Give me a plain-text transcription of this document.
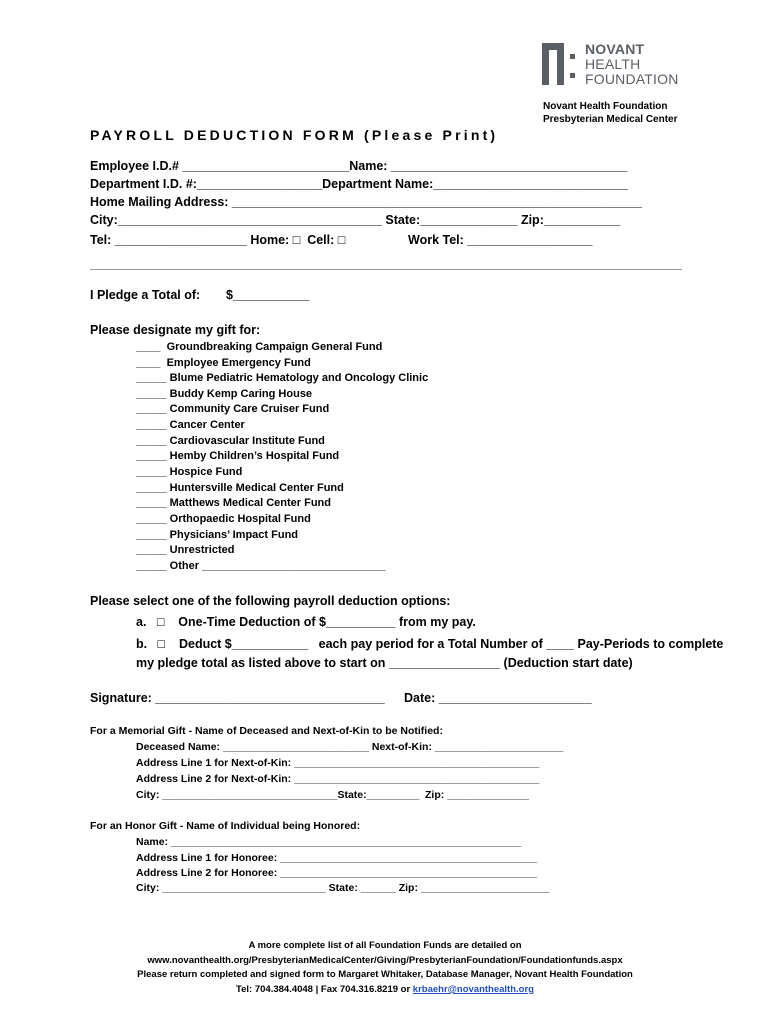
NOVANT
HEALTH
FOUNDATION
Novant Health Foundation
Presbyterian Medical Center
PAYROLL DEDUCTION FORM (Please Print)
Employee I.D.# ________________________Name: __________________________________
Department I.D. #:__________________Department Name:____________________________
Home Mailing Address: ___________________________________________________________
City:______________________________________ State:______________ Zip:___________
Tel: ___________________ Home: □  Cell: □	Work Tel: __________________
I Pledge a Total of: $___________
Please designate my gift for:
____  Groundbreaking Campaign General Fund
____  Employee Emergency Fund
_____ Blume Pediatric Hematology and Oncology Clinic
_____ Buddy Kemp Caring House
_____ Community Care Cruiser Fund
_____ Cancer Center
_____ Cardiovascular Institute Fund
_____ Hemby Children’s Hospital Fund
_____ Hospice Fund
_____ Huntersville Medical Center Fund
_____ Matthews Medical Center Fund
_____ Orthopaedic Hospital Fund
_____ Physicians’ Impact Fund
_____ Unrestricted
_____ Other ______________________________
Please select one of the following payroll deduction options:
a.   □    One-Time Deduction of $__________ from my pay.
b.   □    Deduct $___________   each pay period for a Total Number of ____ Pay-Periods to complete
my pledge total as listed above to start on ________________ (Deduction start date)
Signature: _________________________________ Date: ______________________
For a Memorial Gift - Name of Deceased and Next-of-Kin to be Notified:
Deceased Name: _________________________ Next-of-Kin: ______________________
Address Line 1 for Next-of-Kin: __________________________________________
Address Line 2 for Next-of-Kin: __________________________________________
City: ______________________________State:_________  Zip: ______________
For an Honor Gift - Name of Individual being Honored:
Name: ____________________________________________________________
Address Line 1 for Honoree: ____________________________________________
Address Line 2 for Honoree: ____________________________________________
City: ____________________________ State: ______ Zip: ______________________
A more complete list of all Foundation Funds are detailed on
www.novanthealth.org/PresbyterianMedicalCenter/Giving/PresbyterianFoundation/Foundationfunds.aspx
Please return completed and signed form to Margaret Whitaker, Database Manager, Novant Health Foundation
Tel: 704.384.4048 | Fax 704.316.8219 or krbaehr@novanthealth.org
